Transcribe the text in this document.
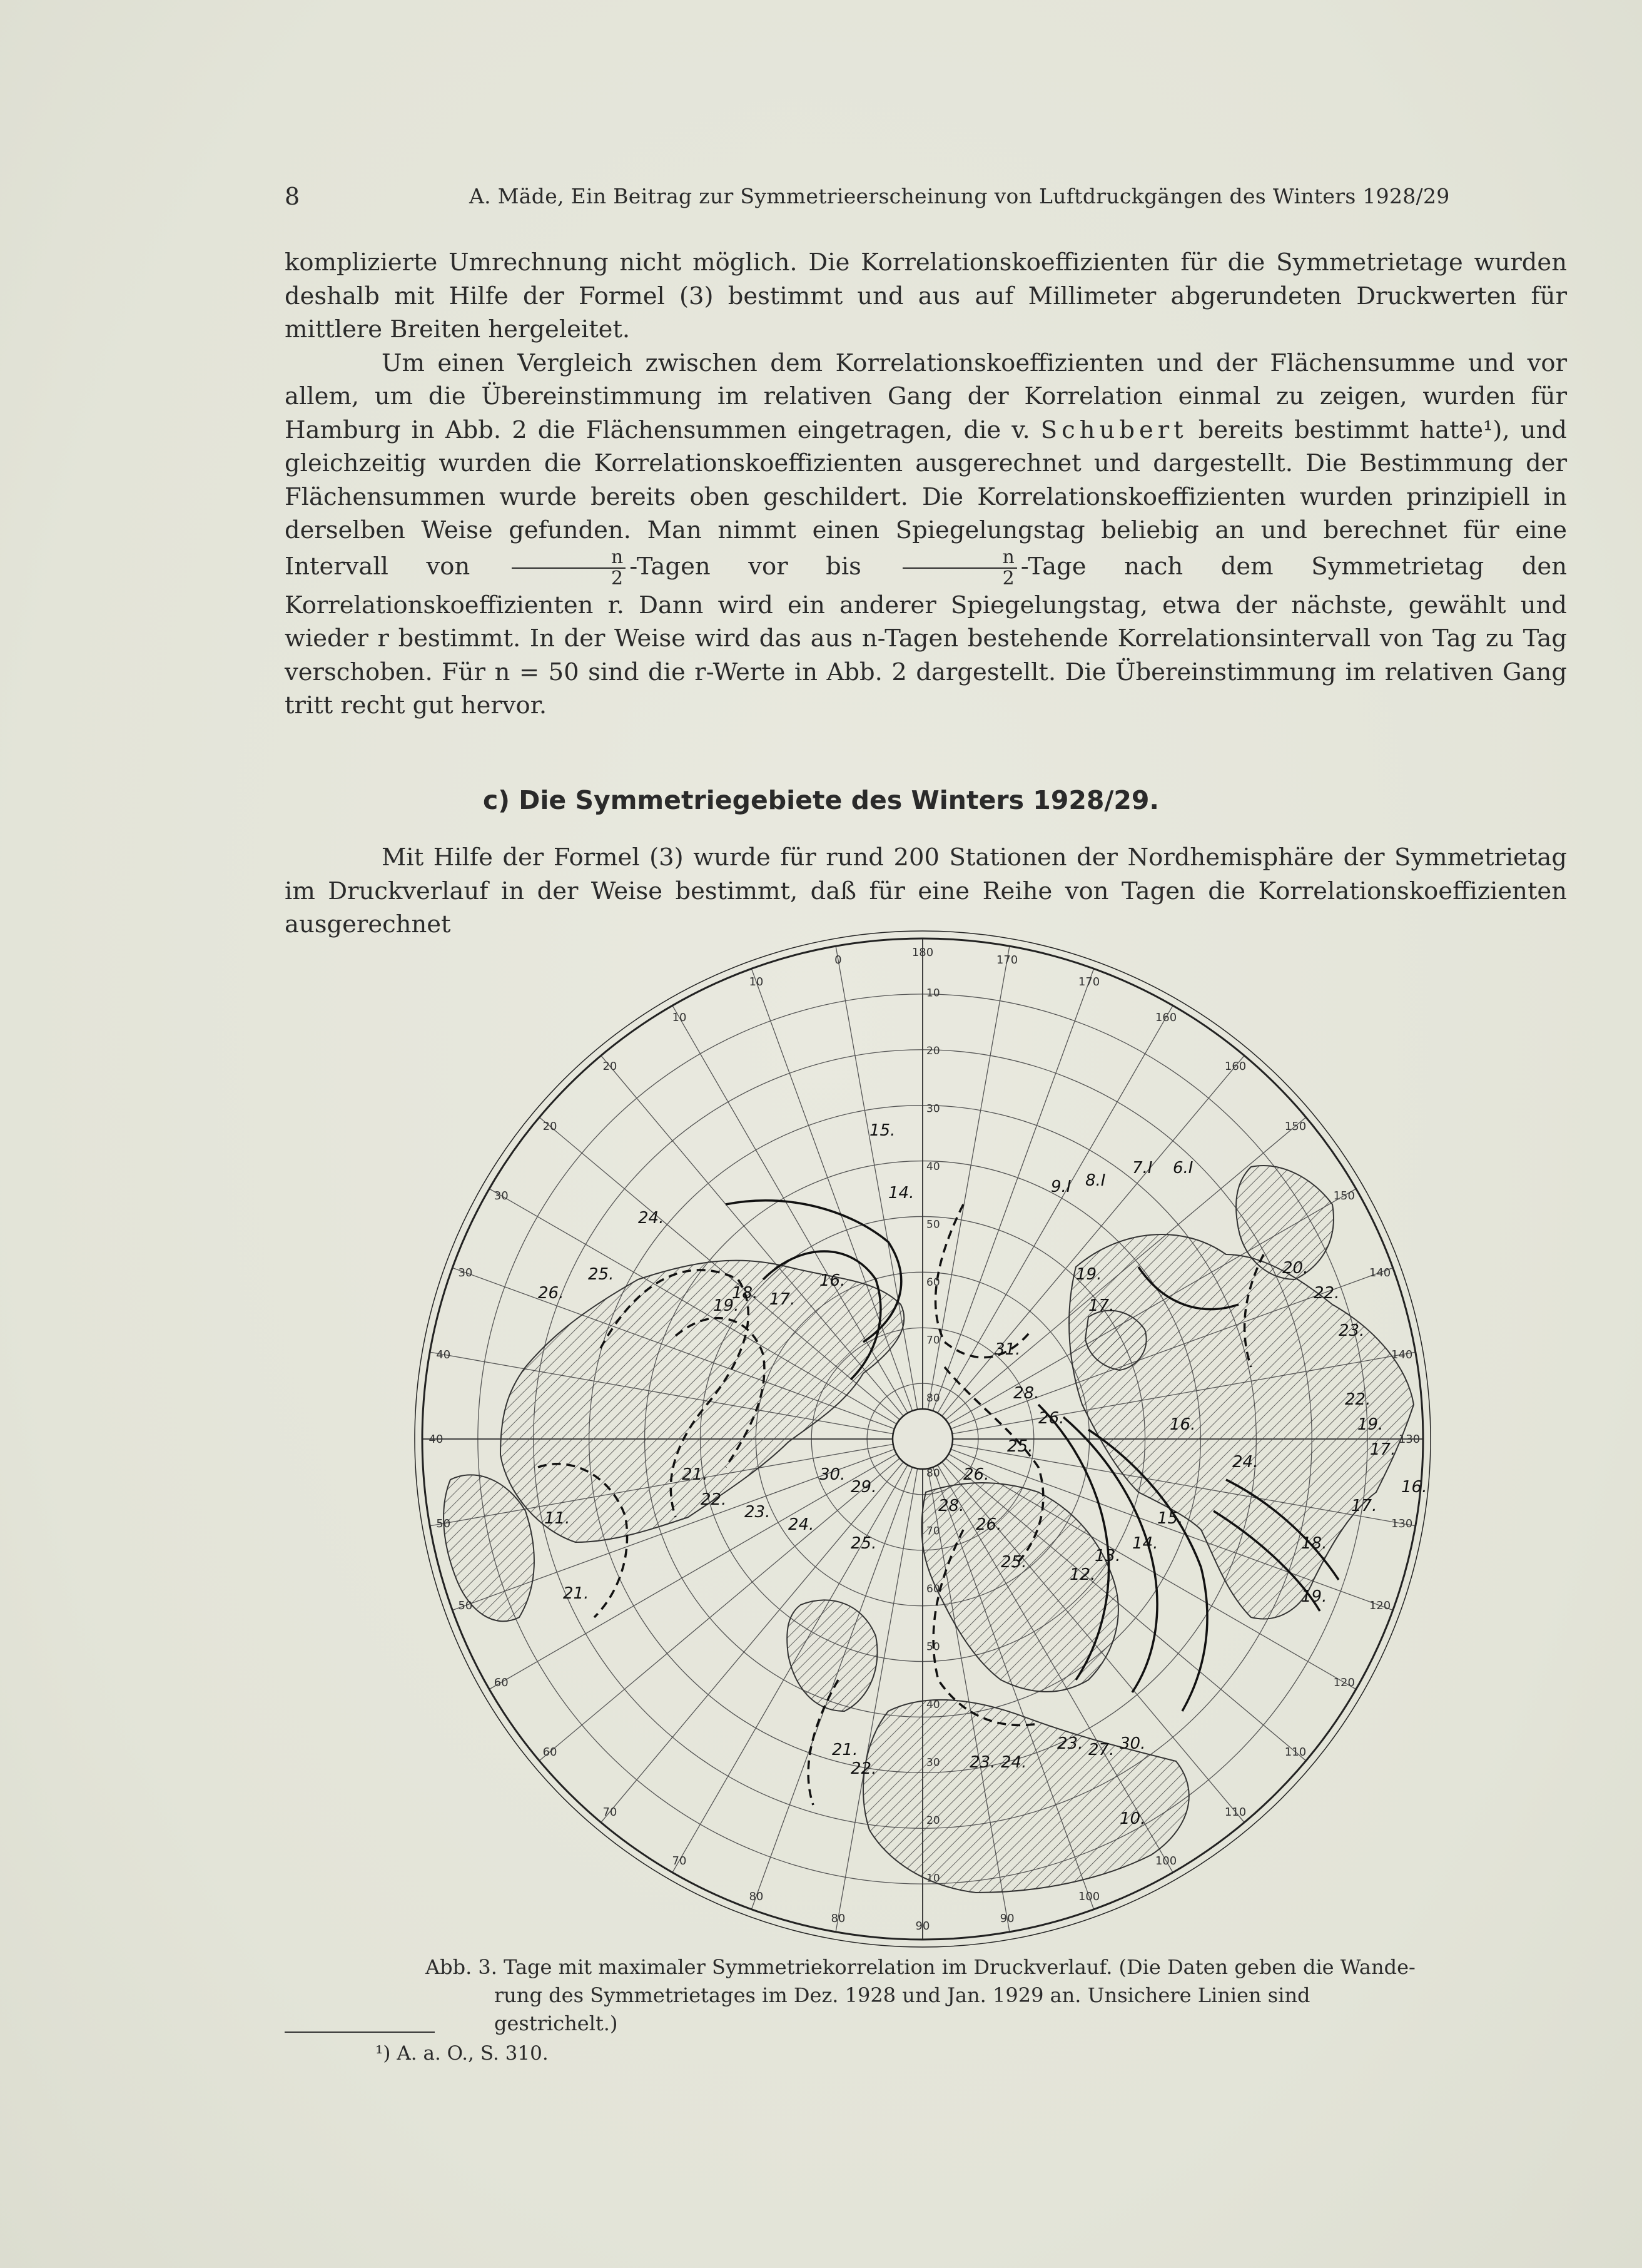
8	A. Mäde, Ein Beitrag zur Symmetrieerscheinung von Luftdruckgängen des Winters 1928/29

komplizierte Umrechnung nicht möglich. Die Korrelationskoeffizienten für die Symmetrietage wurden deshalb mit Hilfe der Formel (3) bestimmt und aus auf Millimeter abgerundeten Druckwerten für mittlere Breiten hergeleitet.

Um einen Vergleich zwischen dem Korrelationskoeffizienten und der Flächensumme und vor allem, um die Übereinstimmung im relativen Gang der Korrelation einmal zu zeigen, wurden für Hamburg in Abb. 2 die Flächensummen eingetragen, die v. Schubert bereits bestimmt hatte¹), und gleichzeitig wurden die Korrelationskoeffizienten ausgerechnet und dargestellt. Die Bestimmung der Flächensummen wurde bereits oben geschildert. Die Korrelationskoeffizienten wurden prinzipiell in derselben Weise gefunden. Man nimmt einen Spiegelungstag beliebig an und berechnet für eine Intervall von $\frac{n}{2}$ -Tagen vor bis $\frac{n}{2}$ -Tage nach dem Symmetrietag den Korrelationskoeffizienten r. Dann wird ein anderer Spiegelungstag, etwa der nächste, gewählt und wieder r bestimmt. In der Weise wird das aus n-Tagen bestehende Korrelationsintervall von Tag zu Tag verschoben. Für n = 50 sind die r-Werte in Abb. 2 dargestellt. Die Übereinstimmung im relativen Gang tritt recht gut hervor.

c) Die Symmetriegebiete des Winters 1928/29.

Mit Hilfe der Formel (3) wurde für rund 200 Stationen der Nordhemisphäre der Symmetrietag im Druckverlauf in der Weise bestimmt, daß für eine Reihe von Tagen die Korrelationskoeffizienten ausgerechnet

180
170
170
160
160
150
150
140
140
130
130
120
120
110
110
100
100
90
90
80
80
70
70
60
60
50
50
40
40
30
30
20
20
10
10
0
10
20
30
40
50
60
70
80
80
70
60
50
40
30
20
10
15.
14.
24.
9.I 8.I
7.I 6.I
25.
26.
19.
18. 17.
16.	19.
17.
20.
22.
23.
31.
28.
26.
25.
16.
22.
19.
17.
24.
21.	30.
29.
22.
23.
24.
25.
28.
26.
26.
11.
21.
16.
17.
18.
19.
15.
14.
13.
12.
21.
22.	23. 24.
23. 27. 30.
10.
25.
Abb. 3. Tage mit maximaler Symmetriekorrelation im Druckverlauf. (Die Daten geben die Wande-
rung des Symmetrietages im Dez. 1928 und Jan. 1929 an. Unsichere Linien sind gestrichelt.)
¹) A. a. O., S. 310.
